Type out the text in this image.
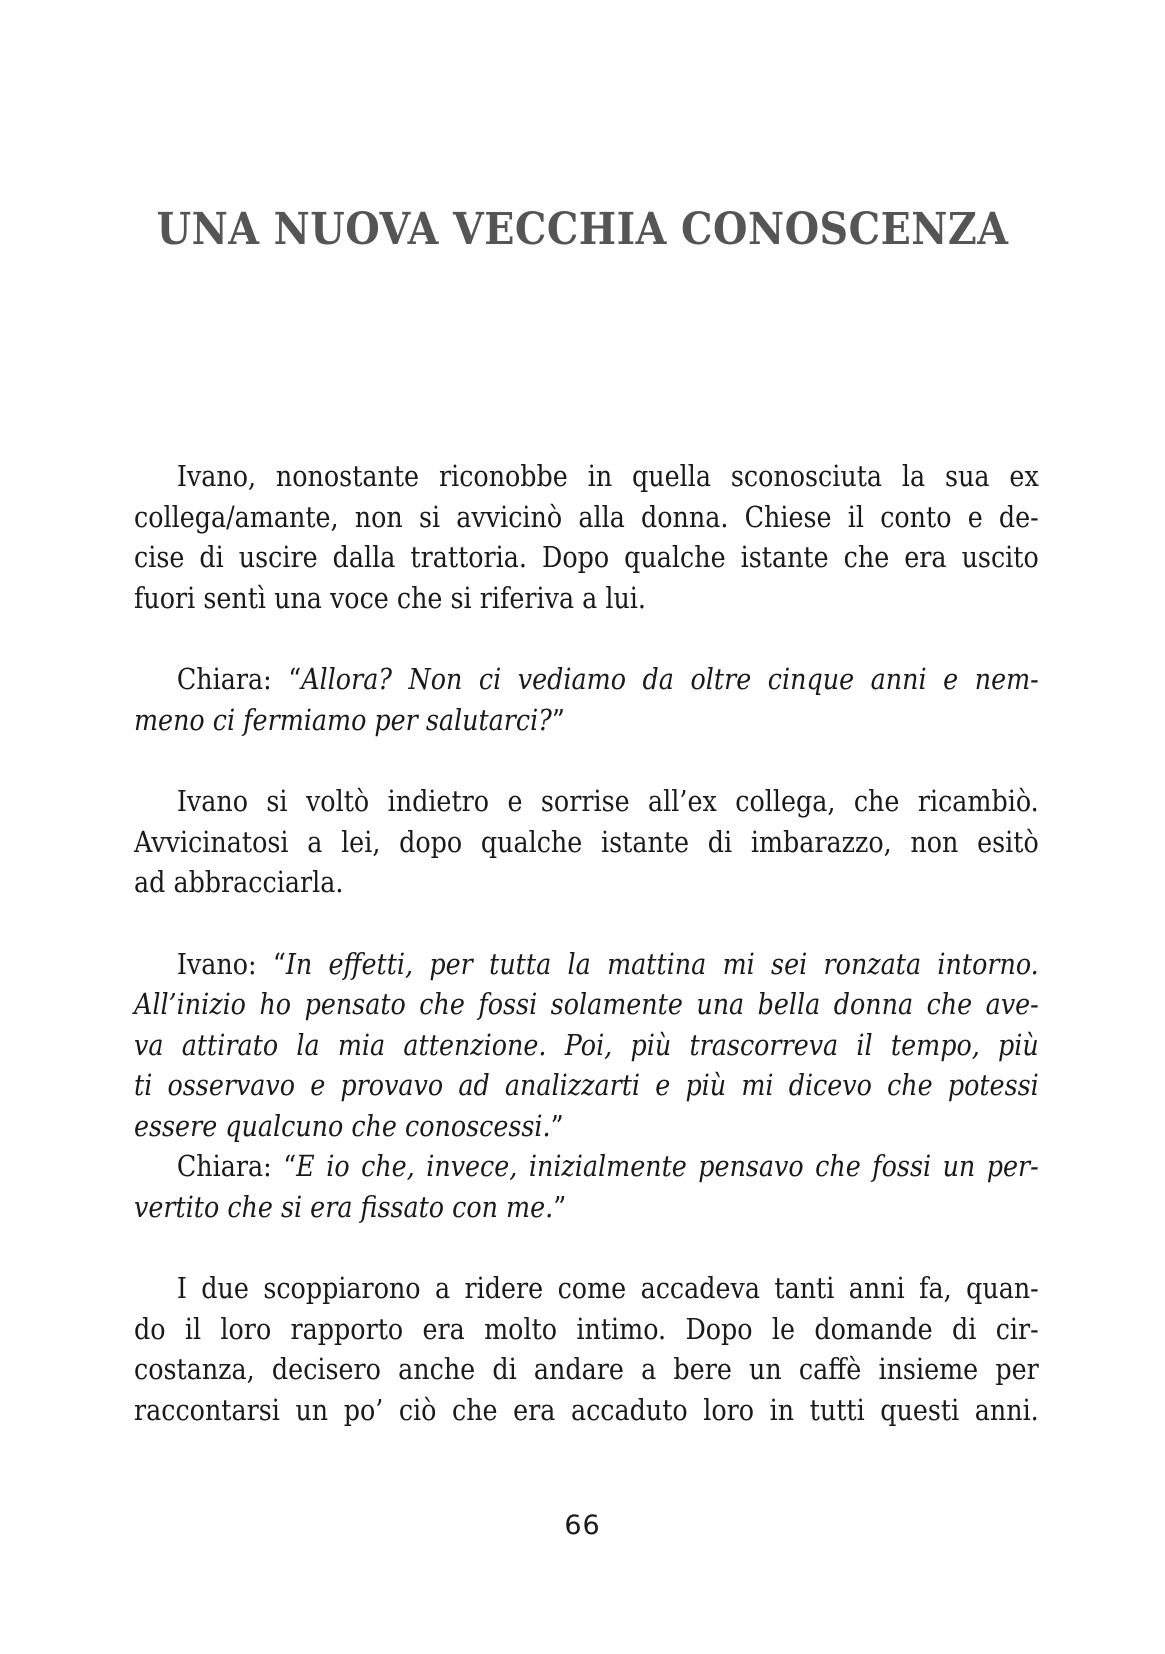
UNA NUOVA VECCHIA CONOSCENZA
Ivano, nonostante riconobbe in quella sconosciuta la sua ex
collega/amante, non si avvicinò alla donna. Chiese il conto e de-
cise di uscire dalla trattoria. Dopo qualche istante che era uscito
fuori sentì una voce che si riferiva a lui.
Chiara: “Allora? Non ci vediamo da oltre cinque anni e nem-
meno ci fermiamo per salutarci?”
Ivano si voltò indietro e sorrise all’ex collega, che ricambiò.
Avvicinatosi a lei, dopo qualche istante di imbarazzo, non esitò
ad abbracciarla.
Ivano: “In effetti, per tutta la mattina mi sei ronzata intorno.
All’inizio ho pensato che fossi solamente una bella donna che ave-
va attirato la mia attenzione. Poi, più trascorreva il tempo, più
ti osservavo e provavo ad analizzarti e più mi dicevo che potessi
essere qualcuno che conoscessi.”
Chiara: “E io che, invece, inizialmente pensavo che fossi un per-
vertito che si era fissato con me.”
I due scoppiarono a ridere come accadeva tanti anni fa, quan-
do il loro rapporto era molto intimo. Dopo le domande di cir-
costanza, decisero anche di andare a bere un caffè insieme per
raccontarsi un po’ ciò che era accaduto loro in tutti questi anni.
66
